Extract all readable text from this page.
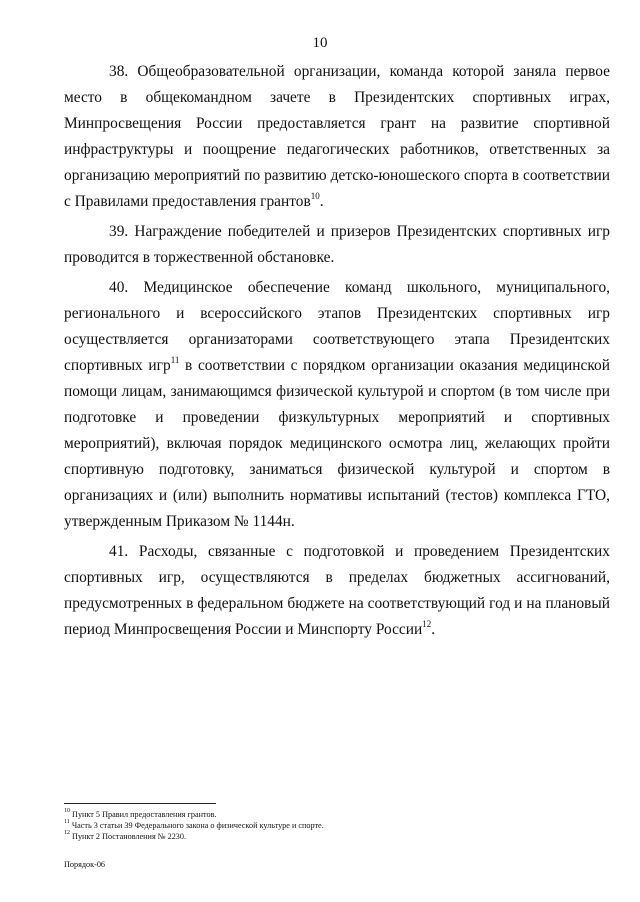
10

38. Общеобразовательной организации, команда которой заняла первое место в общекомандном зачете в Президентских спортивных играх, Минпросвещения России предоставляется грант на развитие спортивной инфраструктуры и поощрение педагогических работников, ответственных за организацию мероприятий по развитию детско-юношеского спорта в соответствии с Правилами предоставления грантов$^{10}$.

39. Награждение победителей и призеров Президентских спортивных игр проводится в торжественной обстановке.

40. Медицинское обеспечение команд школьного, муниципального, регионального и всероссийского этапов Президентских спортивных игр осуществляется организаторами соответствующего этапа Президентских спортивных игр$^{11}$ в соответствии с порядком организации оказания медицинской помощи лицам, занимающимся физической культурой и спортом (в том числе при подготовке и проведении физкультурных мероприятий и спортивных мероприятий), включая порядок медицинского осмотра лиц, желающих пройти спортивную подготовку, заниматься физической культурой и спортом в организациях и (или) выполнить нормативы испытаний (тестов) комплекса ГТО, утвержденным Приказом № 1144н.

41. Расходы, связанные с подготовкой и проведением Президентских спортивных игр, осуществляются в пределах бюджетных ассигнований, предусмотренных в федеральном бюджете на соответствующий год и на плановый период Минпросвещения России и Минспорту России$^{12}$.

$^{10}$ Пункт 5 Правил предоставления грантов.

$^{11}$ Часть 3 статьи 39 Федерального закона о физической культуре и спорте.

$^{12}$ Пункт 2 Постановления № 2230.

Порядок-06
